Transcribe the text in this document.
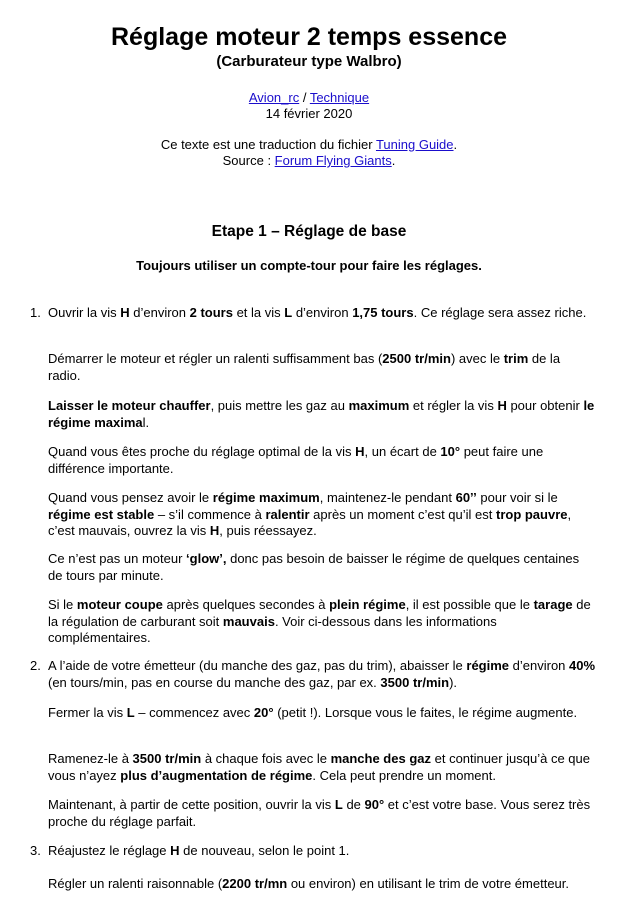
Réglage moteur 2 temps essence
(Carburateur type Walbro)
Avion_rc / Technique
14 février 2020
Ce texte est une traduction du fichier Tuning Guide.
Source : Forum Flying Giants.
Etape 1 – Réglage de base
Toujours utiliser un compte-tour pour faire les réglages.
1. Ouvrir la vis H d’environ 2 tours et la vis L d’environ 1,75 tours. Ce réglage sera assez riche.
Démarrer le moteur et régler un ralenti suffisamment bas (2500 tr/min) avec le trim de la radio.
Laisser le moteur chauffer, puis mettre les gaz au maximum et régler la vis H pour obtenir le régime maximal.
Quand vous êtes proche du réglage optimal de la vis H, un écart de 10° peut faire une différence importante.
Quand vous pensez avoir le régime maximum, maintenez-le pendant 60’’ pour voir si le régime est stable – s’il commence à ralentir après un moment c’est qu’il est trop pauvre, c’est mauvais, ouvrez la vis H, puis réessayez.
Ce n’est pas un moteur ‘glow’, donc pas besoin de baisser le régime de quelques centaines de tours par minute.
Si le moteur coupe après quelques secondes à plein régime, il est possible que le tarage de la régulation de carburant soit mauvais. Voir ci-dessous dans les informations complémentaires.
2. A l’aide de votre émetteur (du manche des gaz, pas du trim), abaisser le régime d’environ 40% (en tours/min, pas en course du manche des gaz, par ex. 3500 tr/min).
Fermer la vis L – commencez avec 20° (petit !). Lorsque vous le faites, le régime augmente.
Ramenez-le à 3500 tr/min à chaque fois avec le manche des gaz et continuer jusqu’à ce que vous n’ayez plus d’augmentation de régime. Cela peut prendre un moment.
Maintenant, à partir de cette position, ouvrir la vis L de 90° et c’est votre base. Vous serez très proche du réglage parfait.
3. Réajustez le réglage H de nouveau, selon le point 1.
Régler un ralenti raisonnable (2200 tr/mn ou environ) en utilisant le trim de votre émetteur.
